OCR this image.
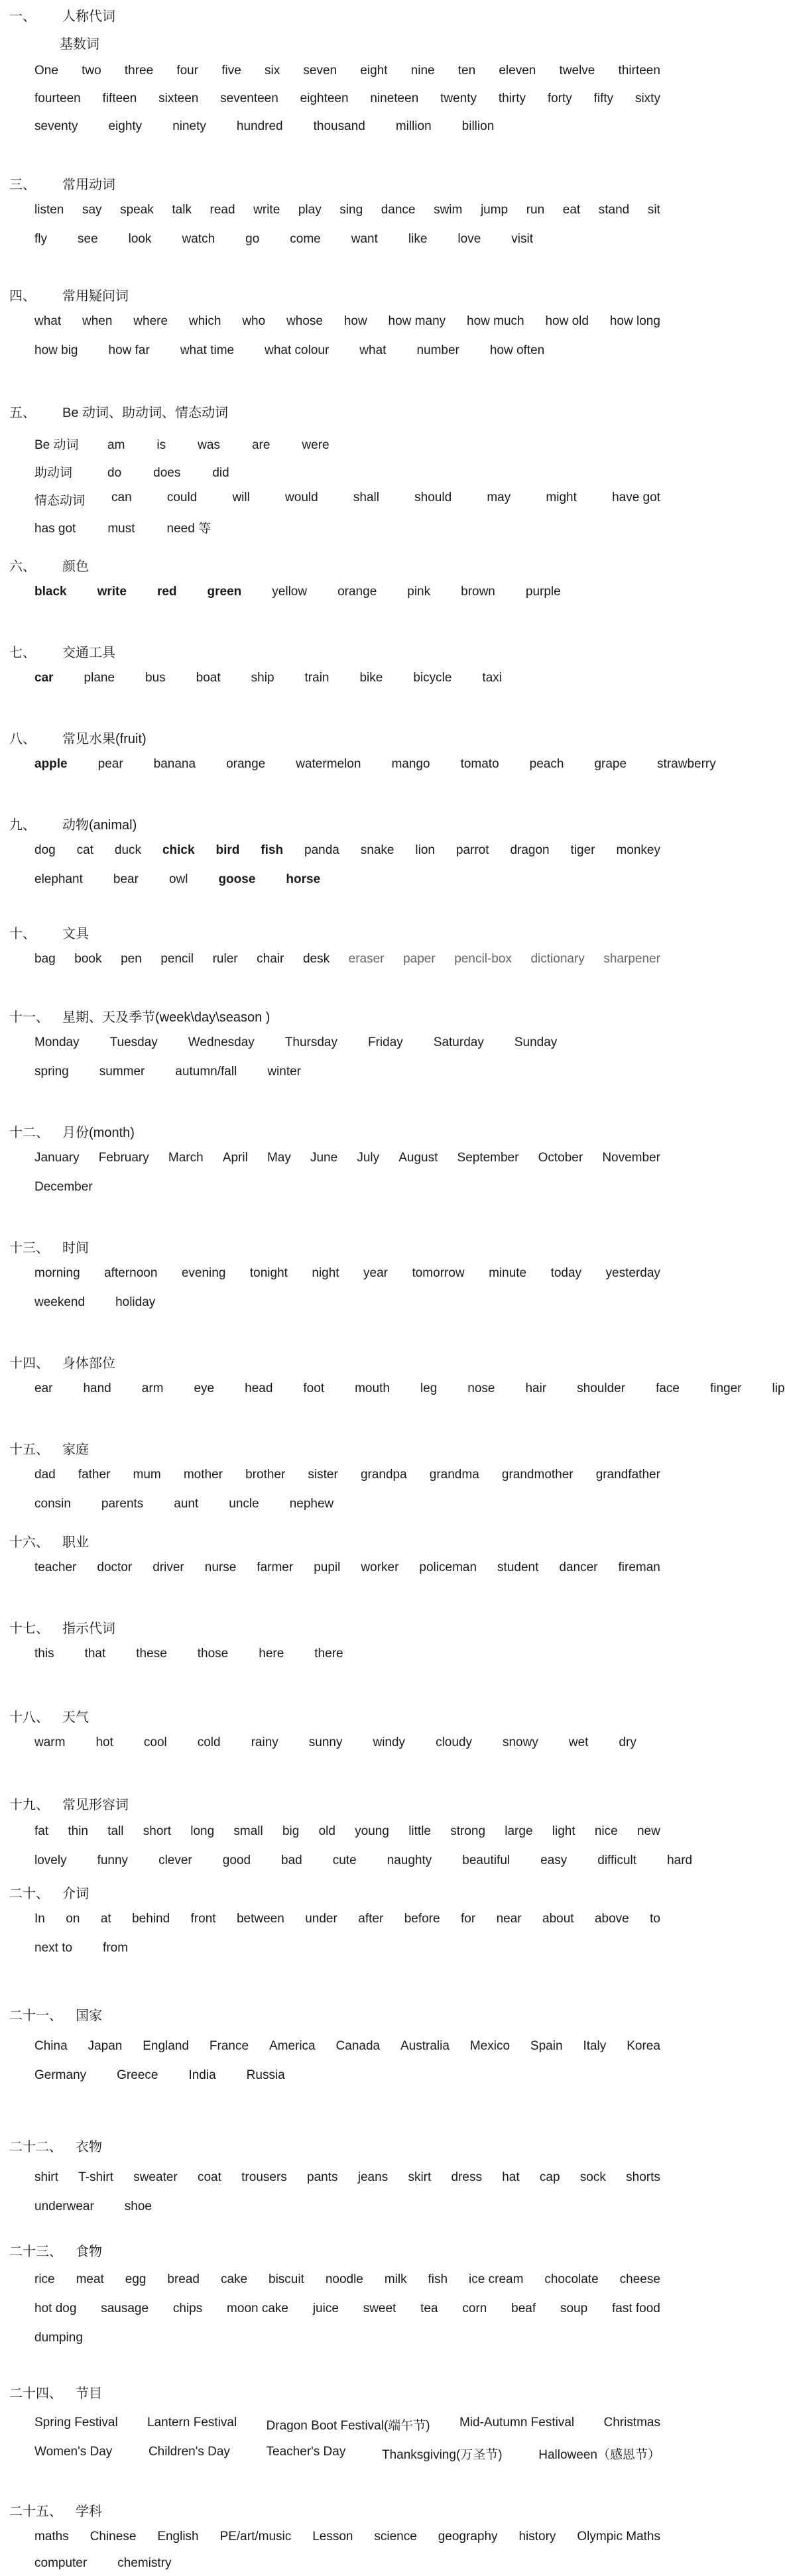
一、 人称代词
基数词
One two three four five six seven eight nine ten eleven twelve thirteen
fourteen fifteen sixteen seventeen eighteen nineteen twenty thirty forty fifty sixty
seventy eighty ninety hundred thousand million billion
三、 常用动词
listen say speak talk read write play sing dance swim jump run eat stand sit
fly see look watch go come want like love visit
四、 常用疑问词
what when where which who whose how how many how much how old how long
how big how far what time what colour what number how often
五、 Be 动词、助动词、情态动词
Be 动词 am	is	was	are	were
助动词	do	does	did
情态动词 can	could	will	would	shall	should	may	might	have got
has got	must	need 等
六、 颜色
black write red green yellow orange pink brown purple
七、 交通工具
car plane bus boat ship train bike bicycle taxi
八、 常见水果(fruit)
apple pear banana orange watermelon mango tomato peach grape strawberry
九、 动物(animal)
dog cat duck chick bird fish panda snake lion parrot dragon tiger monkey
elephant bear owl goose horse
十、 文具
bag book pen pencil ruler chair desk eraser paper pencil-box dictionary sharpener
十一、 星期、天及季节(week\day\season )
Monday Tuesday Wednesday Thursday Friday Saturday Sunday
spring summer autumn/fall winter
十二、 月份(month)
January February March April May June July August September October November
December
十三、 时间
morning afternoon evening tonight night year tomorrow minute today yesterday
weekend holiday
十四、 身体部位
ear hand arm eye head foot mouth leg nose hair shoulder face finger lip
十五、 家庭
dad father mum mother brother sister grandpa grandma grandmother grandfather
consin parents aunt uncle nephew
十六、 职业
teacher doctor driver nurse farmer pupil worker policeman student dancer fireman
十七、 指示代词
this that these those here there
十八、 天气
warm hot cool cold rainy sunny windy cloudy snowy wet dry
十九、 常见形容词
fat thin tall short long small big old young little strong large light nice new
lovely funny clever good bad cute naughty beautiful easy difficult hard
二十、 介词
In on at behind front between under after before for near about above to
next to from
二十一、 国家
China Japan England France America Canada Australia Mexico Spain Italy Korea
Germany Greece India Russia
二十二、 衣物
shirt T-shirt sweater coat trousers pants jeans skirt dress hat cap sock shorts
underwear shoe
二十三、 食物
rice meat egg bread cake biscuit noodle milk fish ice cream chocolate cheese
hot dog sausage chips moon cake juice sweet tea corn beaf soup fast food
dumping
二十四、 节目
Spring Festival Lantern Festival Dragon Boot Festival(端午节) Mid-Autumn Festival Christmas
Women's Day	Children's Day	Teacher's Day	Thanksgiving(万圣节)	Halloween（感恩节）
二十五、 学科
maths Chinese English PE/art/music Lesson science geography history Olympic Maths
computer chemistry
